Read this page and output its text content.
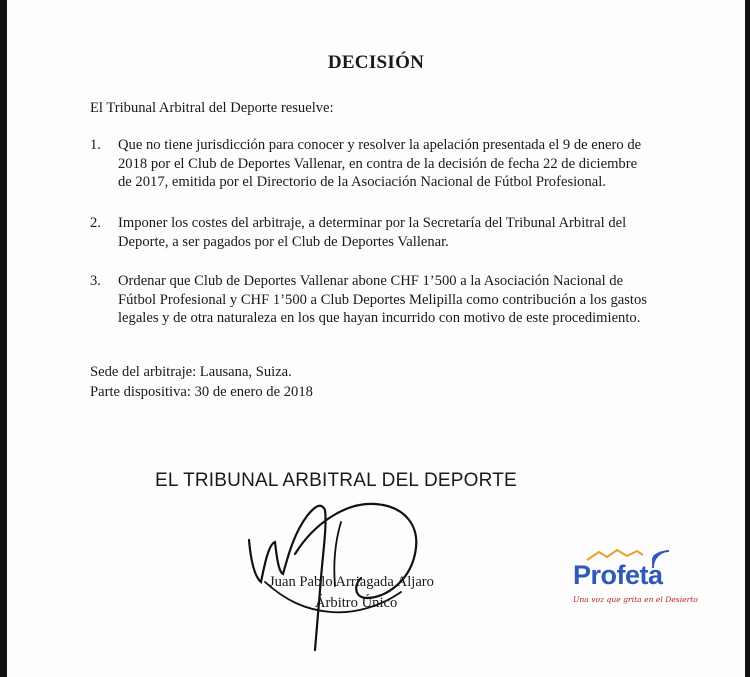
DECISIÓN
El Tribunal Arbitral del Deporte resuelve:
1. Que no tiene jurisdicción para conocer y resolver la apelación presentada el 9 de enero de
2018 por el Club de Deportes Vallenar, en contra de la decisión de fecha 22 de diciembre
de 2017, emitida por el Directorio de la Asociación Nacional de Fútbol Profesional.
2. Imponer los costes del arbitraje, a determinar por la Secretaría del Tribunal Arbitral del
Deporte, a ser pagados por el Club de Deportes Vallenar.
3. Ordenar que Club de Deportes Vallenar abone CHF 1’500 a la Asociación Nacional de
Fútbol Profesional y CHF 1’500 a Club Deportes Melipilla como contribución a los gastos
legales y de otra naturaleza en los que hayan incurrido con motivo de este procedimiento.
Sede del arbitraje: Lausana, Suiza.
Parte dispositiva: 30 de enero de 2018
EL TRIBUNAL ARBITRAL DEL DEPORTE
Juan Pablo Arriagada Aljaro
Árbitro Único
Profeta
Una voz que grita en el Desierto
